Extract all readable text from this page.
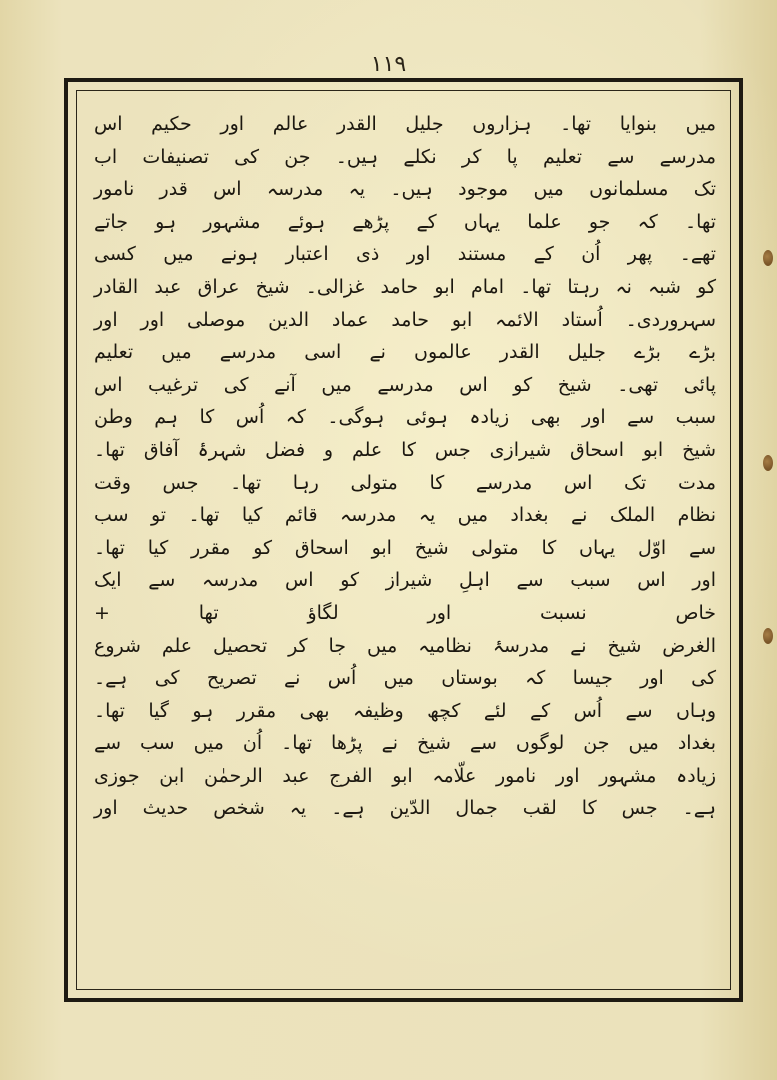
۱۱۹
میں بنوایا تھا۔ ہزاروں جلیل القدر عالم اور حکیم اس
مدرسے سے تعلیم پا کر نکلے ہیں۔ جن کی تصنیفات اب
تک مسلمانوں میں موجود ہیں۔ یہ مدرسہ اس قدر نامور
تھا۔ کہ جو علما یہاں کے پڑھے ہوئے مشہور ہو جاتے
تھے۔ پھر اُن کے مستند اور ذی اعتبار ہونے میں کسی
کو شبہ نہ رہتا تھا۔ امام ابو حامد غزالی۔ شیخ عراق عبد القادر
سہروردی۔ اُستاد الائمہ ابو حامد عماد الدین موصلی اور اور
بڑے بڑے جلیل القدر عالموں نے اسی مدرسے میں تعلیم
پائی تھی۔ شیخ کو اس مدرسے میں آنے کی ترغیب اس
سبب سے اور بھی زیادہ ہوئی ہوگی۔ کہ اُس کا ہم وطن
شیخ ابو اسحاق شیرازی جس کا علم و فضل شہرۂ آفاق تھا۔
مدت تک اس مدرسے کا متولی رہا تھا۔ جس وقت
نظام الملک نے بغداد میں یہ مدرسہ قائم کیا تھا۔ تو سب
سے اوّل یہاں کا متولی شیخ ابو اسحاق کو مقرر کیا تھا۔
اور اس سبب سے اہلِ شیراز کو اس مدرسہ سے ایک
خاص نسبت اور لگاؤ تھا +
الغرض شیخ نے مدرسۂ نظامیہ میں جا کر تحصیل علم شروع
کی اور جیسا کہ بوستاں میں اُس نے تصریح کی ہے۔
وہاں سے اُس کے لئے کچھ وظیفہ بھی مقرر ہو گیا تھا۔
بغداد میں جن لوگوں سے شیخ نے پڑھا تھا۔ اُن میں سب سے
زیادہ مشہور اور نامور علّامہ ابو الفرج عبد الرحمٰن ابن جوزی
ہے۔ جس کا لقب جمال الدّین ہے۔ یہ شخص حدیث اور
